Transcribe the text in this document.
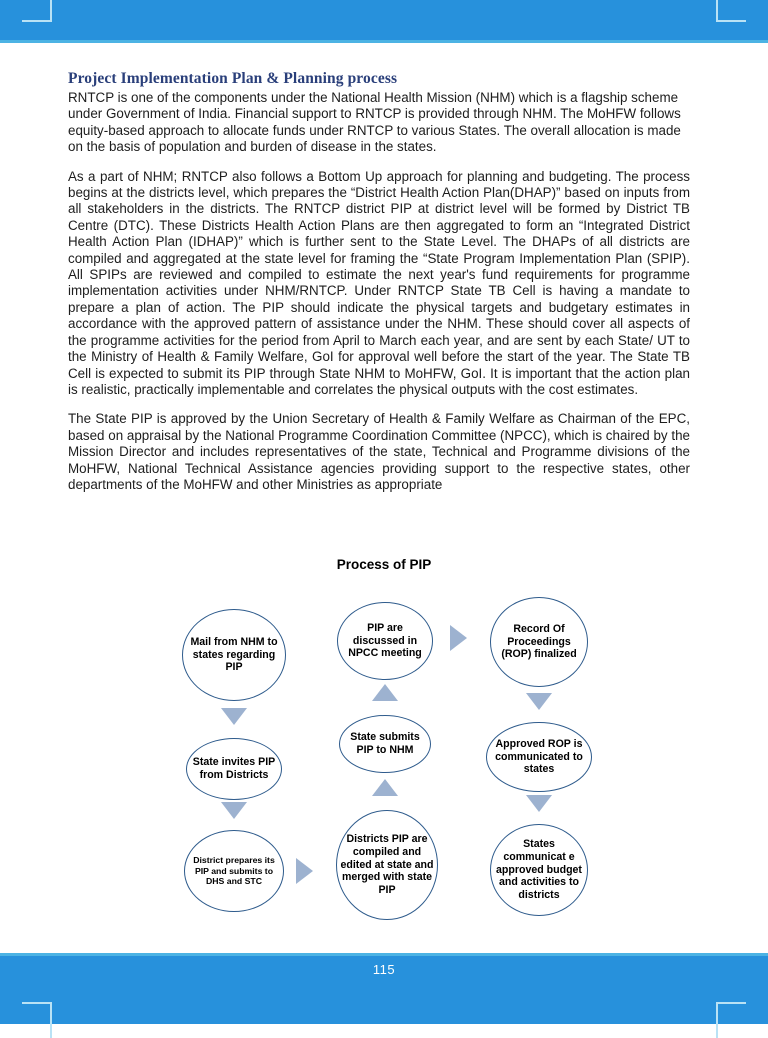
Project Implementation Plan & Planning process

RNTCP is one of the components under the National Health Mission (NHM) which is a flagship scheme under Government of India. Financial support to RNTCP is provided through NHM. The MoHFW follows equity-based approach to allocate funds under RNTCP to various States. The overall allocation is made on the basis of population and burden of disease in the states.

As a part of NHM; RNTCP also follows a Bottom Up approach for planning and budgeting. The process begins at the districts level, which prepares the “District Health Action Plan(DHAP)” based on inputs from all stakeholders in the districts. The RNTCP district PIP at district level will be formed by District TB Centre (DTC). These Districts Health Action Plans are then aggregated to form an “Integrated District Health Action Plan (IDHAP)” which is further sent to the State Level. The DHAPs of all districts are compiled and aggregated at the state level for framing the “State Program Implementation Plan (SPIP). All SPIPs are reviewed and compiled to estimate the next year's fund requirements for programme implementation activities under NHM/RNTCP. Under RNTCP State TB Cell is having a mandate to prepare a plan of action. The PIP should indicate the physical targets and budgetary estimates in accordance with the approved pattern of assistance under the NHM. These should cover all aspects of the programme activities for the period from April to March each year, and are sent by each State/ UT to the Ministry of Health & Family Welfare, GoI for approval well before the start of the year. The State TB Cell is expected to submit its PIP through State NHM to MoHFW, GoI. It is important that the action plan is realistic, practically implementable and correlates the physical outputs with the cost estimates.

The State PIP is approved by the Union Secretary of Health & Family Welfare as Chairman of the EPC, based on appraisal by the National Programme Coordination Committee (NPCC), which is chaired by the Mission Director and includes representatives of the state, Technical and Programme divisions of the MoHFW, National Technical Assistance agencies providing support to the respective states, other departments of the MoHFW and other Ministries as appropriate

Process of PIP
Mail from NHM to states regarding PIP
State invites PIP from Districts
District prepares its PIP and submits to DHS and STC
PIP are discussed in NPCC meeting
State submits PIP to NHM
Districts PIP are compiled and edited at state and merged with state PIP
Record Of Proceedings (ROP) finalized
Approved ROP is communicated to states
States communicat e approved budget and activities to districts
115
